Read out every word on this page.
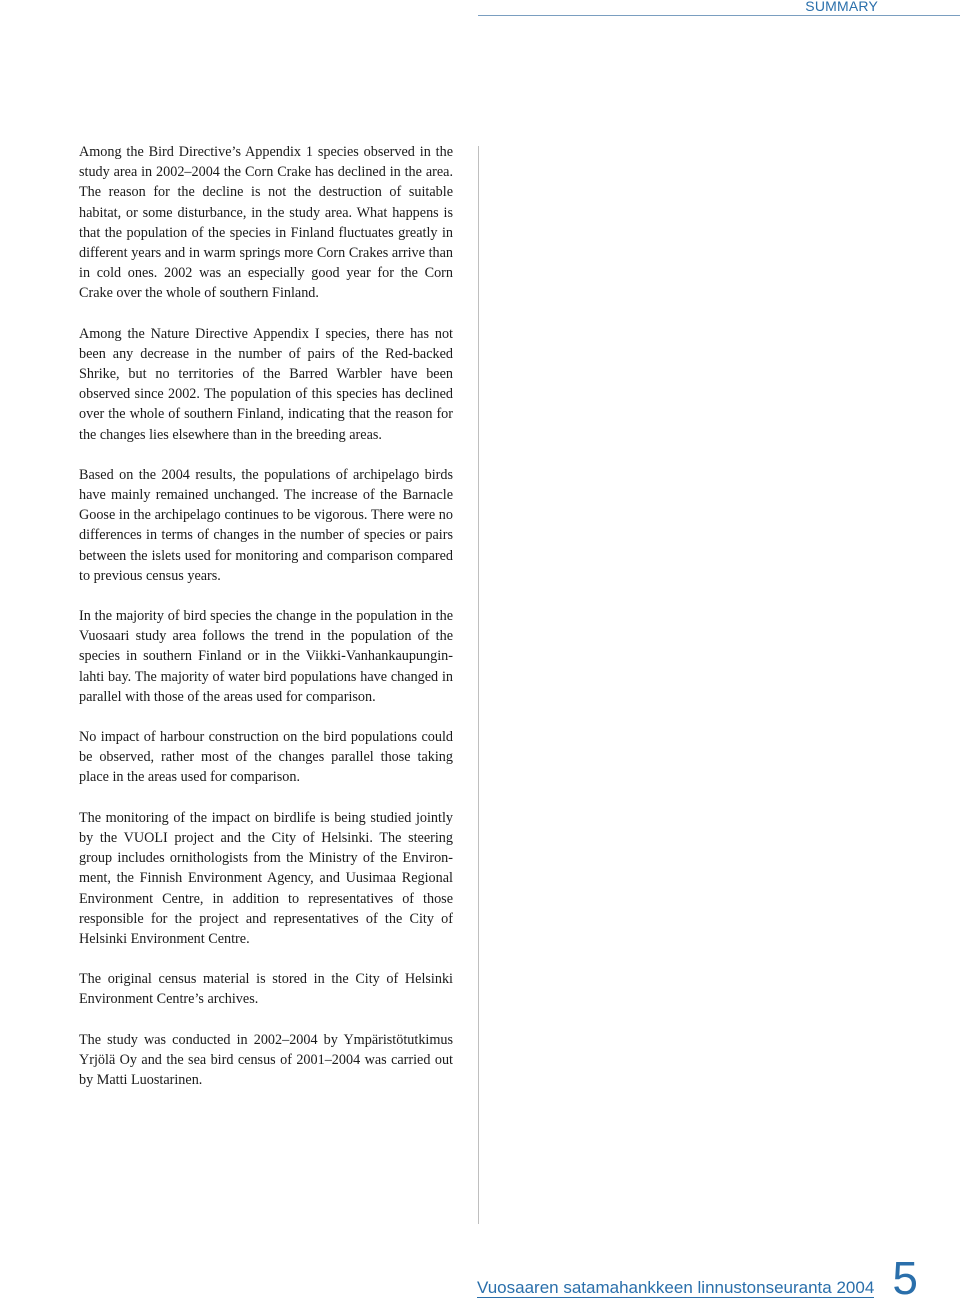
SUMMARY

Among the Bird Directive’s Appendix 1 species observed in the study area in 2002–2004 the Corn Crake has declined in the area. The reason for the decline is not the destruction of suitable habitat, or some disturbance, in the study area. What happens is that the population of the species in Finland fluctuates greatly in different years and in warm springs more Corn Crakes arrive than in cold ones. 2002 was an especially good year for the Corn Crake over the whole of southern Finland.

Among the Nature Directive Appendix I species, there has not been any decrease in the number of pairs of the Red-backed Shrike, but no territories of the Barred Warbler have been observed since 2002. The population of this species has declined over the whole of southern Finland, indicating that the reason for the changes lies elsewhere than in the breeding areas.

Based on the 2004 results, the populations of archipelago birds have mainly remained unchanged. The increase of the Barnacle Goose in the archipelago continues to be vigorous. There were no differences in terms of changes in the number of species or pairs between the islets used for monitoring and comparison compared to previous census years.

In the majority of bird species the change in the population in the Vuosaari study area follows the trend in the population of the species in southern Finland or in the Viikki-Vanhankaupunginlahti bay. The majority of water bird populations have changed in parallel with those of the areas used for comparison.

No impact of harbour construction on the bird populations could be observed, rather most of the changes parallel those taking place in the areas used for comparison.

The monitoring of the impact on birdlife is being studied jointly by the VUOLI project and the City of Helsinki. The steering group includes ornithologists from the Ministry of the Environment, the Finnish Environment Agency, and Uusimaa Regional Environment Centre, in addition to representatives of those responsible for the project and representatives of the City of Helsinki Environment Centre.

The original census material is stored in the City of Helsinki Environment Centre’s archives.

The study was conducted in 2002–2004 by Ympäristötutkimus Yrjölä Oy and the sea bird census of 2001–2004 was carried out by Matti Luostarinen.

Vuosaaren satamahankkeen linnustonseuranta 2004 5
